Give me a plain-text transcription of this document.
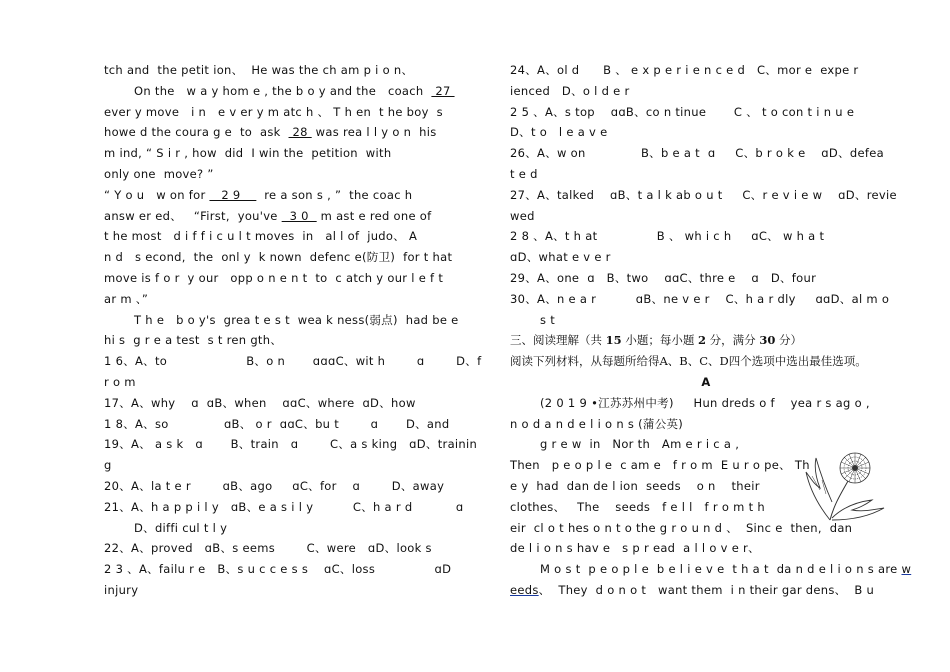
tch and  the petit ion、  He was the ch am p i o n、
On the   w a y hom e , the b o y and the   coach   27
ever y move   i n   e v er y m atc h 、 T h en  t he boy  s
howe d the coura g e  to  ask   28  was rea l l y o n  his
m ind, “ S i r , how  did  I win the  petition  with
only one  move? ”
“ Y o u   w on for    2 9      re a son s , ”  the coac h
answ er ed、   “First,  you've   3 0   m ast e red one of
t he most   d i f f i c u l t moves  in   al l of  judo、 A
n d   s econd,  the  onl y  k nown  defenc e(防卫)  for t hat
move is f o r  y our   opp o n e n t  to  c atch y our l e f t
ar m 、”
T h e   b o y's  grea t e s t  wea k ness(弱点)  had be e
hi s  g r e a test  s t ren gth、
1 6、A、to                    B、o n       ɑɑɑC、wit h        ɑ        D、f
r o m
17、A、why    ɑ  ɑB、when    ɑɑC、where  ɑD、how
1 8、A、so              ɑB、 o r  ɑɑC、bu t        ɑ       D、and
19、A、 a s k   ɑ       B、train   ɑ        C、a s king   ɑD、trainin
g
20、A、la t e r        ɑB、ago     ɑC、for    ɑ        D、away
21、A、h a p p i l y   ɑB、e a s i l y          C、h a r d           ɑ
D、diffi cul t l y
22、A、proved   ɑB、s eems        C、were   ɑD、look s
2 3 、A、failu r e   B、s u c c e s s    ɑC、loss               ɑD
injury
24、A、ol d      B 、 e x p e r i e n c e d   C、mor e  expe r
ienced   D、o l d e r
2 5 、A、s top    ɑɑB、co n tinue       C 、 t o con t i n u e
D、t o   l e a v e
26、A、w on              B、b e a t  ɑ     C、b r o k e    ɑD、defea
t e d
27、A、talked    ɑB、t a l k ab o u t     C、r e v i e w    ɑD、revie
wed
2 8 、A、t h at               B 、 wh i c h     ɑC、 w h a t
ɑD、what e v e r
29、A、one  ɑ   B、two    ɑɑC、thre e    ɑ   D、four
30、A、n e a r          ɑB、ne v e r    C、h a r dly     ɑɑD、al m o
s t
三、阅读理解（共 15 小题；每小题 2 分，满分 30 分）
阅读下列材料，从每题所给得A、B、C、D四个选项中选出最佳选项。
A
(2 0 1 9 •江苏苏州中考)     Hun dreds o f    yea r s ag o ,
n o d a n d e l i o n s (蒲公英)
g r e w  in   Nor th   Am e r i c a ,
Then   p e o p l e  c am e   f r o m  E u r o pe、 Th
e y  had  dan de l ion  seeds    o n    their
clothes、   The    seeds   f e l l   f r o m t h
eir  cl o t hes o n t o the g r o u n d 、  Sinc e  then,  dan
de l i o n s hav e   s p r ead  a l l o v e r、
M o s t  p e o p l e  b e l i e v e  t h a t  da n d e l i o n s are w
eeds、  They  d o n o t   want them  i n their gar dens、  B u
